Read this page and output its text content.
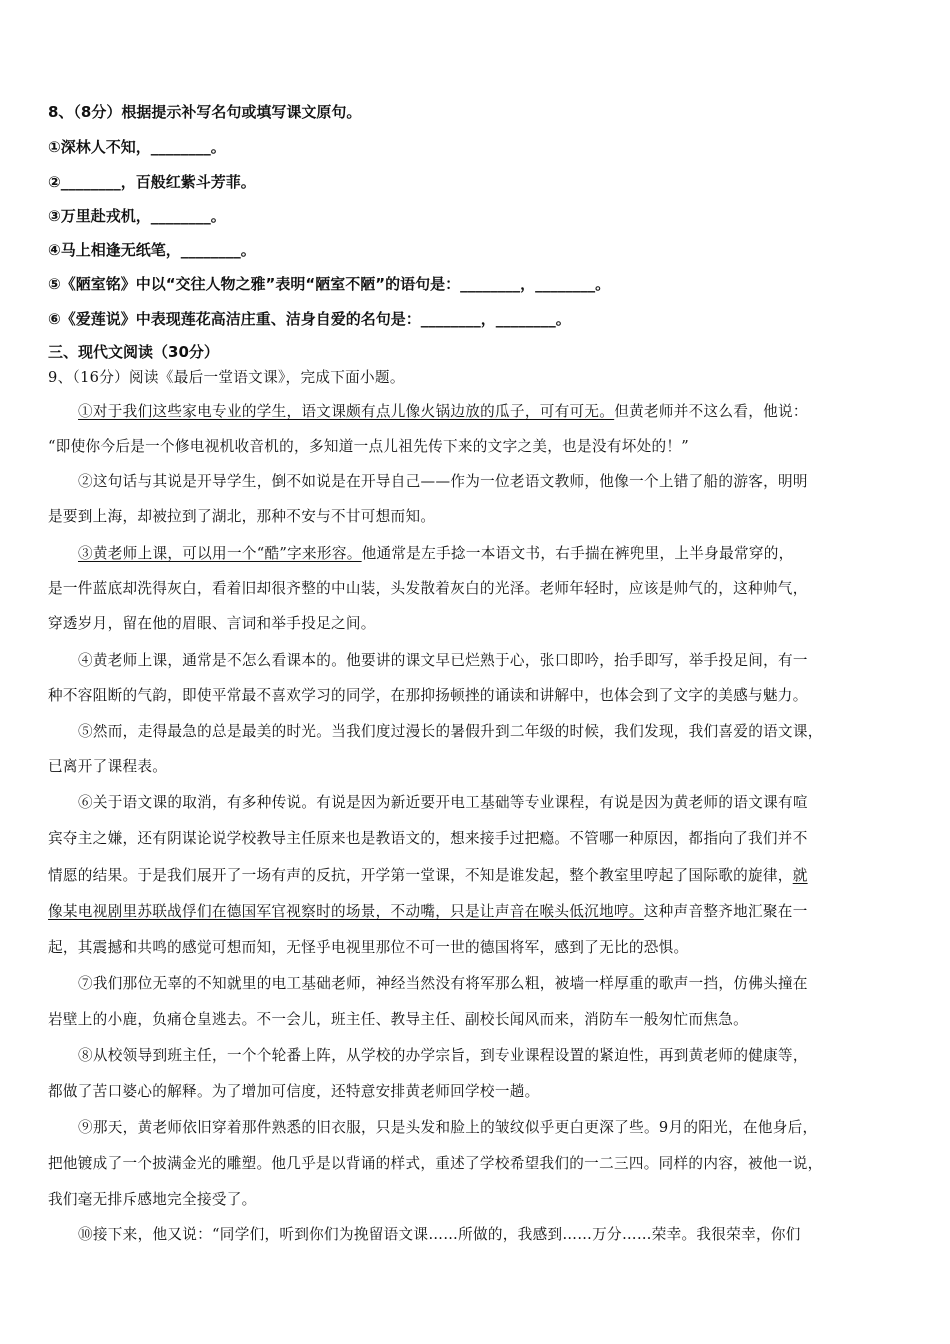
8、（8分）根据提示补写名句或填写课文原句。
①深林人不知，________。
②________，百般红紫斗芳菲。
③万里赴戎机，________。
④马上相逢无纸笔，________。
⑤《陋室铭》中以“交往人物之雅”表明“陋室不陋”的语句是：________，________。
⑥《爱莲说》中表现莲花高洁庄重、洁身自爱的名句是：________，________。
三、现代文阅读（30分）
9、（16分）阅读《最后一堂语文课》，完成下面小题。
①对于我们这些家电专业的学生，语文课颇有点儿像火锅边放的瓜子，可有可无。但黄老师并不这么看，他说：
“即使你今后是一个修电视机收音机的，多知道一点儿祖先传下来的文字之美，也是没有坏处的！”
②这句话与其说是开导学生，倒不如说是在开导自己——作为一位老语文教师，他像一个上错了船的游客，明明
是要到上海，却被拉到了湖北，那种不安与不甘可想而知。
③黄老师上课，可以用一个“酷”字来形容。他通常是左手捻一本语文书，右手揣在裤兜里，上半身最常穿的，
是一件蓝底却洗得灰白，看着旧却很齐整的中山装，头发散着灰白的光泽。老师年轻时，应该是帅气的，这种帅气，
穿透岁月，留在他的眉眼、言词和举手投足之间。
④黄老师上课，通常是不怎么看课本的。他要讲的课文早已烂熟于心，张口即吟，抬手即写，举手投足间，有一
种不容阻断的气韵，即使平常最不喜欢学习的同学，在那抑扬顿挫的诵读和讲解中，也体会到了文字的美感与魅力。
⑤然而，走得最急的总是最美的时光。当我们度过漫长的暑假升到二年级的时候，我们发现，我们喜爱的语文课，
已离开了课程表。
⑥关于语文课的取消，有多种传说。有说是因为新近要开电工基础等专业课程，有说是因为黄老师的语文课有喧
宾夺主之嫌，还有阴谋论说学校教导主任原来也是教语文的，想来接手过把瘾。不管哪一种原因，都指向了我们并不
情愿的结果。于是我们展开了一场有声的反抗，开学第一堂课，不知是谁发起，整个教室里哼起了国际歌的旋律，就
像某电视剧里苏联战俘们在德国军官视察时的场景，不动嘴，只是让声音在喉头低沉地哼。这种声音整齐地汇聚在一
起，其震撼和共鸣的感觉可想而知，无怪乎电视里那位不可一世的德国将军，感到了无比的恐惧。
⑦我们那位无辜的不知就里的电工基础老师，神经当然没有将军那么粗，被墙一样厚重的歌声一挡，仿佛头撞在
岩壁上的小鹿，负痛仓皇逃去。不一会儿，班主任、教导主任、副校长闻风而来，消防车一般匆忙而焦急。
⑧从校领导到班主任，一个个轮番上阵，从学校的办学宗旨，到专业课程设置的紧迫性，再到黄老师的健康等，
都做了苦口婆心的解释。为了增加可信度，还特意安排黄老师回学校一趟。
⑨那天，黄老师依旧穿着那件熟悉的旧衣服，只是头发和脸上的皱纹似乎更白更深了些。9月的阳光，在他身后，
把他镀成了一个披满金光的雕塑。他几乎是以背诵的样式，重述了学校希望我们的一二三四。同样的内容，被他一说，
我们毫无排斥感地完全接受了。
⑩接下来，他又说：“同学们，听到你们为挽留语文课……所做的，我感到……万分……荣幸。我很荣幸，你们
